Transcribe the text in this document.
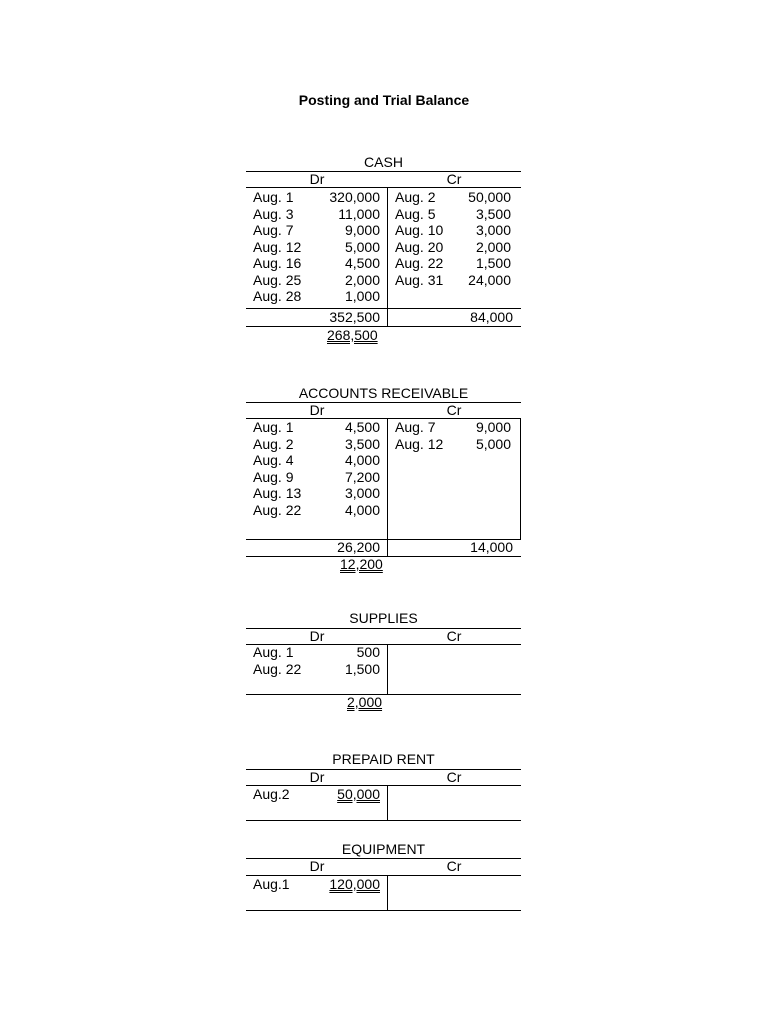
Posting and Trial Balance
CASH
Dr	Cr
Aug. 1	320,000 Aug. 2	50,000
Aug. 3	11,000 Aug. 5	3,500
Aug. 7	9,000 Aug. 10	3,000
Aug. 12	5,000 Aug. 20	2,000
Aug. 16	4,500 Aug. 22	1,500
Aug. 25	2,000 Aug. 31	24,000
Aug. 28	1,000
352,500	84,000
268,500
ACCOUNTS RECEIVABLE
Dr	Cr
Aug. 1	4,500 Aug. 7	9,000
Aug. 2	3,500 Aug. 12	5,000
Aug. 4	4,000
Aug. 9	7,200
Aug. 13	3,000
Aug. 22	4,000
26,200	14,000
12,200
SUPPLIES
Dr	Cr
Aug. 1	500
Aug. 22	1,500
2,000
PREPAID RENT
Dr	Cr
Aug.2	50,000
EQUIPMENT
Dr	Cr
Aug.1	120,000
